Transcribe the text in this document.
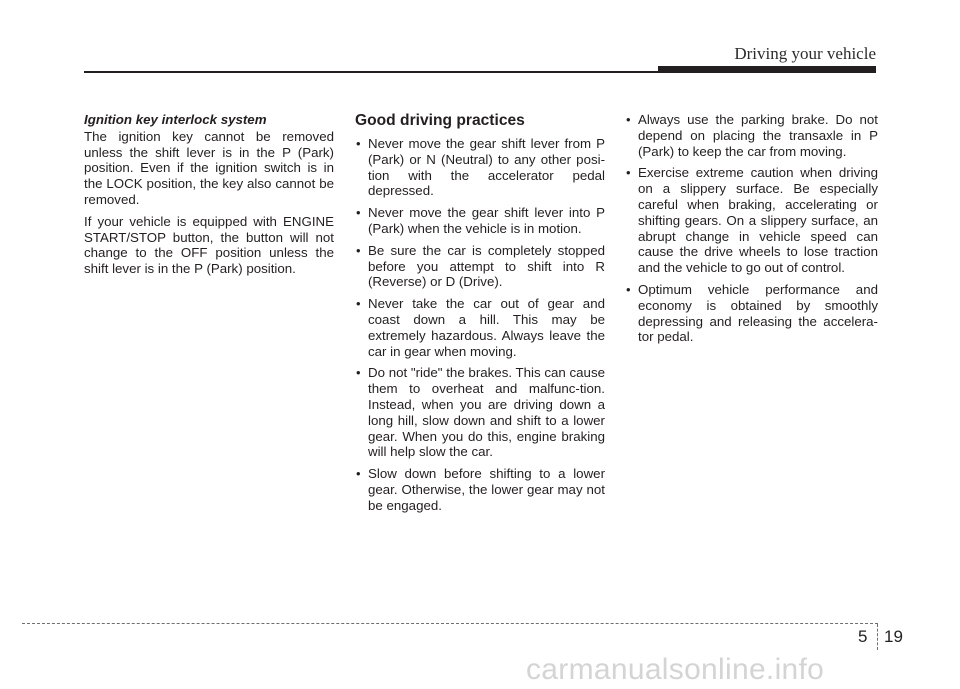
Driving your vehicle
Ignition key interlock system

The ignition key cannot be removed unless the shift lever is in the P (Park) position. Even if the ignition switch is in the LOCK position, the key also cannot be removed.

If your vehicle is equipped with ENGINE START/STOP button, the button will not change to the OFF position unless the shift lever is in the P (Park) position.

Good driving practices
• Never move the gear shift lever from P (Park) or N (Neutral) to any other posi-tion with the accelerator pedal depressed.
• Never move the gear shift lever into P (Park) when the vehicle is in motion.
• Be sure the car is completely stopped before you attempt to shift into R (Reverse) or D (Drive).
• Never take the car out of gear and coast down a hill. This may be extremely hazardous. Always leave the car in gear when moving.
• Do not "ride" the brakes. This can cause them to overheat and malfunc-tion. Instead, when you are driving down a long hill, slow down and shift to a lower gear. When you do this, engine braking will help slow the car.
• Slow down before shifting to a lower gear. Otherwise, the lower gear may not be engaged.
• Always use the parking brake. Do not depend on placing the transaxle in P (Park) to keep the car from moving.
• Exercise extreme caution when driving on a slippery surface. Be especially careful when braking, accelerating or shifting gears. On a slippery surface, an abrupt change in vehicle speed can cause the drive wheels to lose traction and the vehicle to go out of control.
• Optimum vehicle performance and economy is obtained by smoothly depressing and releasing the accelera-tor pedal.
5 19
carmanualsonline.info
